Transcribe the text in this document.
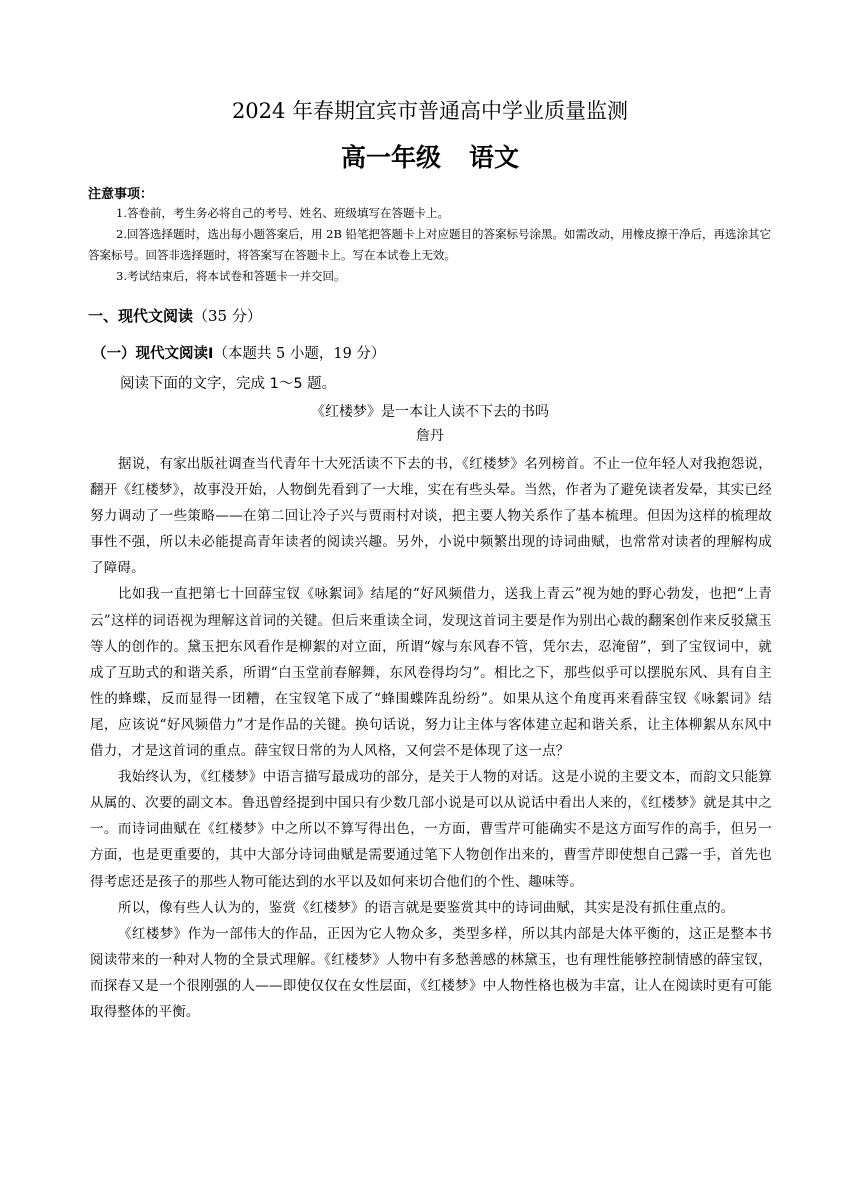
2024 年春期宜宾市普通高中学业质量监测
高一年级 语文
注意事项：

1.答卷前，考生务必将自己的考号、姓名、班级填写在答题卡上。

2.回答选择题时，选出每小题答案后，用 2B 铅笔把答题卡上对应题目的答案标号涂黑。如需改动，用橡皮擦干净后，再选涂其它答案标号。回答非选择题时，将答案写在答题卡上。写在本试卷上无效。

3.考试结束后，将本试卷和答题卡一并交回。

一、现代文阅读（35 分）
（一）现代文阅读Ⅰ（本题共 5 小题，19 分）
阅读下面的文字，完成 1～5 题。
《红楼梦》是一本让人读不下去的书吗
詹丹

据说，有家出版社调查当代青年十大死活读不下去的书，《红楼梦》名列榜首。不止一位年轻人对我抱怨说，翻开《红楼梦》，故事没开始，人物倒先看到了一大堆，实在有些头晕。当然，作者为了避免读者发晕，其实已经努力调动了一些策略——在第二回让冷子兴与贾雨村对谈，把主要人物关系作了基本梳理。但因为这样的梳理故事性不强，所以未必能提高青年读者的阅读兴趣。另外，小说中频繁出现的诗词曲赋，也常常对读者的理解构成了障碍。

比如我一直把第七十回薛宝钗《咏絮词》结尾的“好风频借力，送我上青云”视为她的野心勃发，也把“上青云”这样的词语视为理解这首词的关键。但后来重读全词，发现这首词主要是作为别出心裁的翻案创作来反驳黛玉等人的创作的。黛玉把东风看作是柳絮的对立面，所谓“嫁与东风春不管，凭尔去，忍淹留”，到了宝钗词中，就成了互助式的和谐关系，所谓“白玉堂前春解舞，东风卷得均匀”。相比之下，那些似乎可以摆脱东风、具有自主性的蜂蝶，反而显得一团糟，在宝钗笔下成了“蜂围蝶阵乱纷纷”。如果从这个角度再来看薛宝钗《咏絮词》结尾，应该说“好风频借力”才是作品的关键。换句话说，努力让主体与客体建立起和谐关系，让主体柳絮从东风中借力，才是这首词的重点。薛宝钗日常的为人风格，又何尝不是体现了这一点？

我始终认为，《红楼梦》中语言描写最成功的部分，是关于人物的对话。这是小说的主要文本，而韵文只能算从属的、次要的副文本。鲁迅曾经提到中国只有少数几部小说是可以从说话中看出人来的，《红楼梦》就是其中之一。而诗词曲赋在《红楼梦》中之所以不算写得出色，一方面，曹雪芹可能确实不是这方面写作的高手，但另一方面，也是更重要的，其中大部分诗词曲赋是需要通过笔下人物创作出来的，曹雪芹即使想自己露一手，首先也得考虑还是孩子的那些人物可能达到的水平以及如何来切合他们的个性、趣味等。

所以，像有些人认为的，鉴赏《红楼梦》的语言就是要鉴赏其中的诗词曲赋，其实是没有抓住重点的。

《红楼梦》作为一部伟大的作品，正因为它人物众多，类型多样，所以其内部是大体平衡的，这正是整本书阅读带来的一种对人物的全景式理解。《红楼梦》人物中有多愁善感的林黛玉，也有理性能够控制情感的薛宝钗，而探春又是一个很刚强的人——即使仅仅在女性层面，《红楼梦》中人物性格也极为丰富，让人在阅读时更有可能取得整体的平衡。
